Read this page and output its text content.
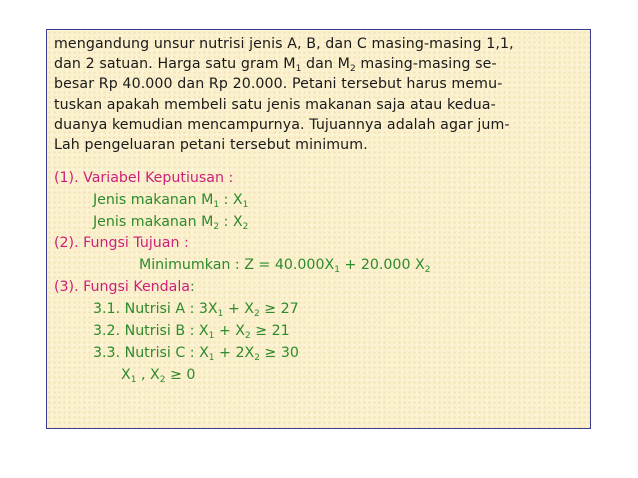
mengandung unsur nutrisi jenis A, B, dan C masing-masing 1,1,
dan 2 satuan. Harga satu gram $M_1$ dan $M_2$ masing-masing se-
besar Rp 40.000 dan Rp 20.000. Petani tersebut harus memu-
tuskan apakah membeli satu jenis makanan saja atau kedua-
duanya kemudian mencampurnya. Tujuannya adalah agar jum-
Lah pengeluaran petani tersebut minimum.
(1). Variabel Keputiusan :
Jenis makanan $M_1$ : $X_1$
Jenis makanan $M_2$ : $X_2$
(2). Fungsi Tujuan :
Minimumkan : $Z = 40.000X_1 + 20.000$ $X_2$
(3). Fungsi Kendala:
3.1. Nutrisi A : $3X_1 + X_2 \ge 27$
3.2. Nutrisi B : $X_1 + X_2 \ge 21$
3.3. Nutrisi C : $X_1 + 2X_2 \ge 30$
$X_1$ , $X_2 \ge 0$
